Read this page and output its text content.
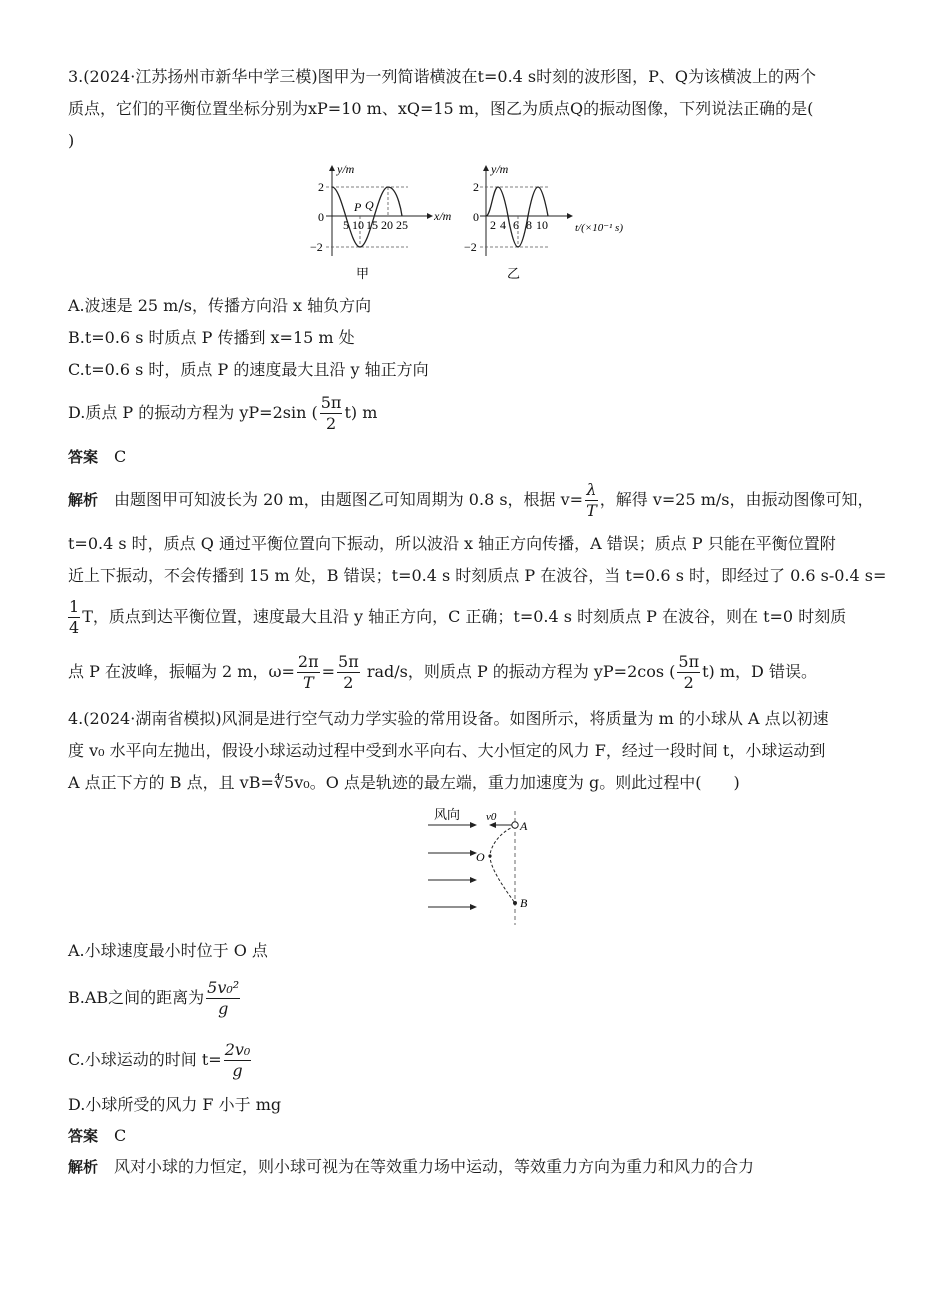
3.(2024·江苏扬州市新华中学三模)图甲为一列简谐横波在t=0.4 s时刻的波形图，P、Q为该横波上的两个
质点，它们的平衡位置坐标分别为xP=10 m、xQ=15 m，图乙为质点Q的振动图像，下列说法正确的是(
)
y/m
x/m
2
0
−2
5 10 15 20 25
P Q
甲
y/m
t/(×10⁻¹ s)
2
0
−2
2 4 6 8 10
乙
A.波速是 25 m/s，传播方向沿 x 轴负方向
B.t=0.6 s 时质点 P 传播到 x=15 m 处
C.t=0.6 s 时，质点 P 的速度最大且沿 y 轴正方向
D.质点 P 的振动方程为 yP=2sin ( $\frac{5\pi}{2} t$) m
答案 C
解析 由题图甲可知波长为 20 m，由题图乙可知周期为 0.8 s，根据 $v= \frac{\lambda}{T}$ ，解得 v=25 m/s，由振动图像可知，
t=0.4 s 时，质点 Q 通过平衡位置向下振动，所以波沿 x 轴正方向传播，A 错误；质点 P 只能在平衡位置附
近上下振动，不会传播到 15 m 处，B 错误；t=0.4 s 时刻质点 P 在波谷，当 t=0.6 s 时，即经过了 0.6 s-0.4 s=
$\frac{1}{4}$ T，质点到达平衡位置，速度最大且沿 y 轴正方向，C 正确；t=0.4 s 时刻质点 P 在波谷，则在 t=0 时刻质
点 P 在波峰，振幅为 2 m，$\omega= \frac{2\pi}{T} = \frac{5\pi}{2} rad/s$，则质点 P 的振动方程为 yP=2cos ( $\frac{5\pi}{2} t$) m，D 错误。
4.(2024·湖南省模拟)风洞是进行空气动力学实验的常用设备。如图所示，将质量为 m 的小球从 A 点以初速
度 v₀ 水平向左抛出，假设小球运动过程中受到水平向右、大小恒定的风力 F，经过一段时间 t，小球运动到
A 点正下方的 B 点，且 vB=∜5v₀。O 点是轨迹的最左端，重力加速度为 g。则此过程中(　　)
风向 v0
A
O
B
A.小球速度最小时位于 O 点
B.AB之间的距离为 $\frac{\text{5v₀²}}{g}$
C.小球运动的时间 $t= \frac{\text{2v₀}}{g}$
D.小球所受的风力 F 小于 mg
答案 C
解析 风对小球的力恒定，则小球可视为在等效重力场中运动，等效重力方向为重力和风力的合力
